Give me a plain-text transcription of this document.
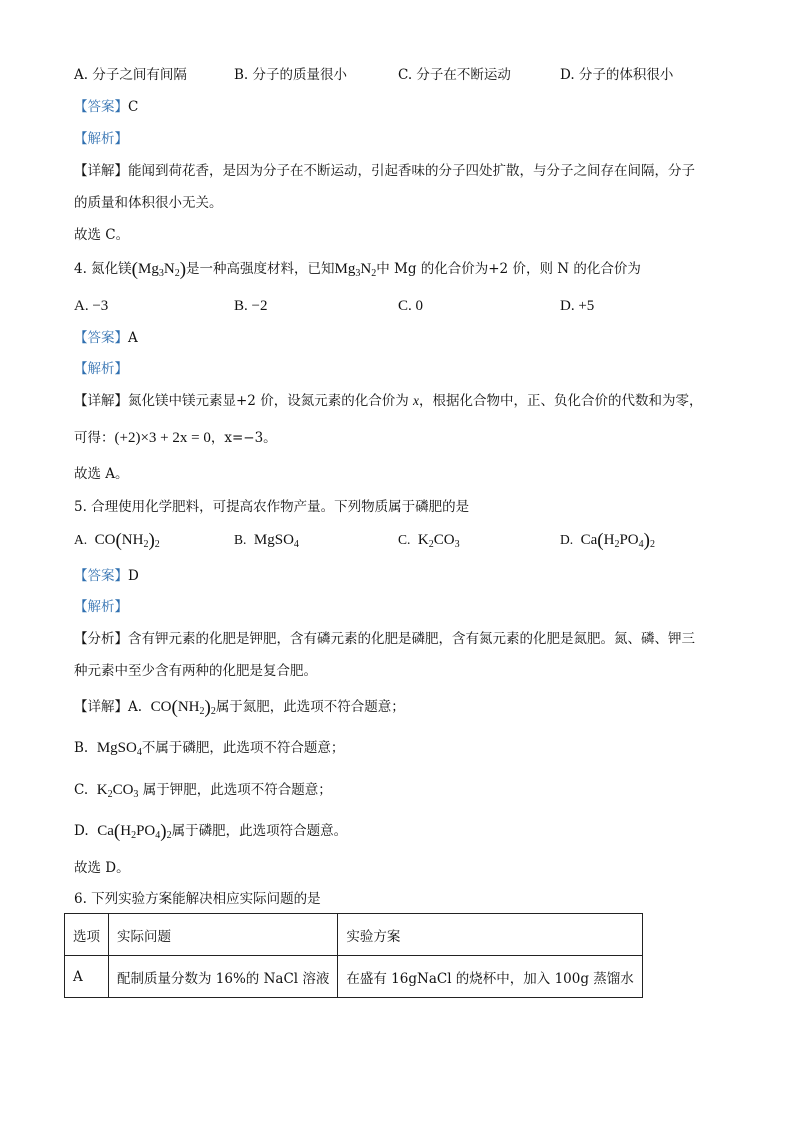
A. 分子之间有间隔	B. 分子的质量很小	C. 分子在不断运动	D. 分子的体积很小
【答案】C
【解析】
【详解】能闻到荷花香，是因为分子在不断运动，引起香味的分子四处扩散，与分子之间存在间隔，分子
的质量和体积很小无关。
故选 C。
4. 氮化镁$(Mg_3N_2)$是一种高强度材料，已知$Mg_3N_2$中 Mg 的化合价为+2 价，则 N 的化合价为
A. −3	B. −2	C. 0	D. +5
【答案】A
【解析】
【详解】氮化镁中镁元素显+2 价，设氮元素的化合价为 x，根据化合物中，正、负化合价的代数和为零，
可得：(+2)×3 + 2x = 0，x=−3。
故选 A。
5. 合理使用化学肥料，可提高农作物产量。下列物质属于磷肥的是
A. $CO(NH_2)_2$	B. MgSO$_4$	C. $K_2CO_3$	D. $Ca(H_2PO_4)_2$
【答案】D
【解析】
【分析】含有钾元素的化肥是钾肥，含有磷元素的化肥是磷肥，含有氮元素的化肥是氮肥。氮、磷、钾三
种元素中至少含有两种的化肥是复合肥。
【详解】A. $CO(NH_2)_2$属于氮肥，此选项不符合题意；
B. MgSO$_4$不属于磷肥，此选项不符合题意；
C. $K_2CO_3$ 属于钾肥，此选项不符合题意；
D. $Ca(H_2PO_4)_2$属于磷肥，此选项符合题意。
故选 D。
6. 下列实验方案能解决相应实际问题的是
选项	实际问题	实验方案
A	配制质量分数为 16%的 NaCl 溶液	在盛有 16gNaCl 的烧杯中，加入 100g 蒸馏水
